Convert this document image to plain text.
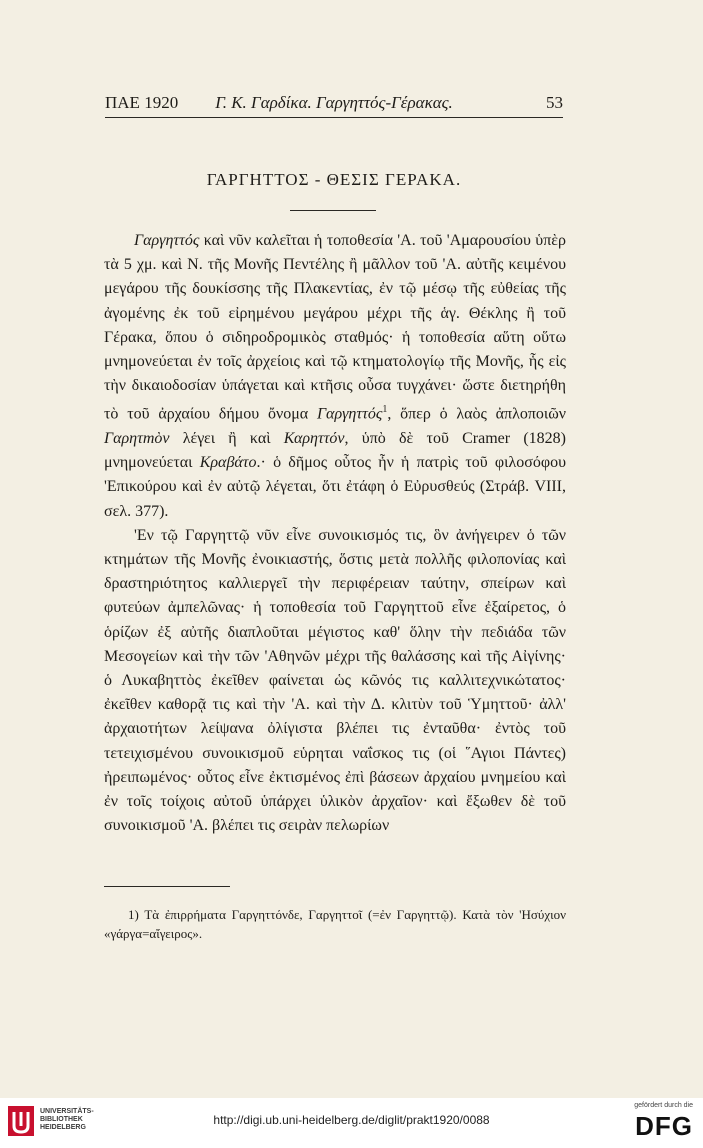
ΠΑΕ 1920	Γ. Κ. Γαρδίκα. Γαργηττός-Γέρακας.	53
ΓΑΡΓΗΤΤΟΣ - ΘΕΣΙΣ ΓΕΡΑΚΑ.

Γαργηττός καὶ νῦν καλεῖται ἡ τοποθεσία 'Α. τοῦ 'Αμαρουσίου ὑπὲρ τὰ 5 χμ. καὶ Ν. τῆς Μονῆς Πεντέλης ἢ μᾶλλον τοῦ 'Α. αὐτῆς κειμένου μεγάρου τῆς δουκίσσης τῆς Πλακεντίας, ἐν τῷ μέσῳ τῆς εὐθείας τῆς ἀγομένης ἐκ τοῦ εἰρημένου μεγάρου μέχρι τῆς ἁγ. Θέκλης ἢ τοῦ Γέρακα, ὅπου ὁ σιδηροδρομικὸς σταθμός· ἡ τοποθεσία αὕτη οὕτω μνημονεύεται ἐν τοῖς ἀρχείοις καὶ τῷ κτηματολογίῳ τῆς Μονῆς, ἧς εἰς τὴν δικαιοδοσίαν ὑπάγεται καὶ κτῆσις οὖσα τυγχάνει· ὥστε διετηρήθη τὸ τοῦ ἀρχαίου δήμου ὄνομα Γαργηττός$^1$, ὅπερ ὁ λαὸς ἀπλοποιῶν Γαρητтὸν λέγει ἢ καὶ Καρηττόν, ὑπὸ δὲ τοῦ Cramer (1828) μνημονεύεται Κραβάτο.· ὁ δῆμος οὗτος ἦν ἡ πατρὶς τοῦ φιλοσόφου 'Επικούρου καὶ ἐν αὐτῷ λέγεται, ὅτι ἐτάφη ὁ Εὐρυσθεύς (Στράβ. VIII, σελ. 377).

'Εν τῷ Γαργηττῷ νῦν εἶνε συνοικισμός τις, ὃν ἀνήγειρεν ὁ τῶν κτημάτων τῆς Μονῆς ἐνοικιαστής, ὅστις μετὰ πολλῆς φιλοπονίας καὶ δραστηριότητος καλλιεργεῖ τὴν περιφέρειαν ταύτην, σπείρων καὶ φυτεύων ἀμπελῶνας· ἡ τοποθεσία τοῦ Γαργηττοῦ εἶνε ἐξαίρετος, ὁ ὁρίζων ἐξ αὐτῆς διαπλοῦται μέγιστος καθ' ὅλην τὴν πεδιάδα τῶν Μεσογείων καὶ τὴν τῶν 'Αθηνῶν μέχρι τῆς θαλάσσης καὶ τῆς Αἰγίνης· ὁ Λυκαβηττὸς ἐκεῖθεν φαίνεται ὡς κῶνός τις καλλιτεχνικώτατος· ἐκεῖθεν καθορᾷ τις καὶ τὴν 'Α. καὶ τὴν Δ. κλιτὺν τοῦ Ὑμηττοῦ· ἀλλ' ἀρχαιοτήτων λείψανα ὀλίγιστα βλέπει τις ἐνταῦθα· ἐντὸς τοῦ τετειχισμένου συνοικισμοῦ εὑρηται ναΐσκος τις (οἱ ῞Αγιοι Πάντες) ἠρειπωμένος· οὗτος εἶνε ἐκτισμένος ἐπὶ βάσεων ἀρχαίου μνημείου καὶ ἐν τοῖς τοίχοις αὐτοῦ ὑπάρχει ὑλικὸν ἀρχαῖον· καὶ ἔξωθεν δὲ τοῦ συνοικισμοῦ 'Α. βλέπει τις σειρὰν πελωρίων

1) Τὰ ἐπιρρήματα Γαργηττόνδε, Γαργηττοῖ (=ἐν Γαργηττῷ). Κατὰ τὸν 'Ησύχιον «γάργα=αἴγειρος».
UNIVERSITÄTS-
BIBLIOTHEK
HEIDELBERG
http://digi.ub.uni-heidelberg.de/diglit/prakt1920/0088
gefördert durch die
DFG
